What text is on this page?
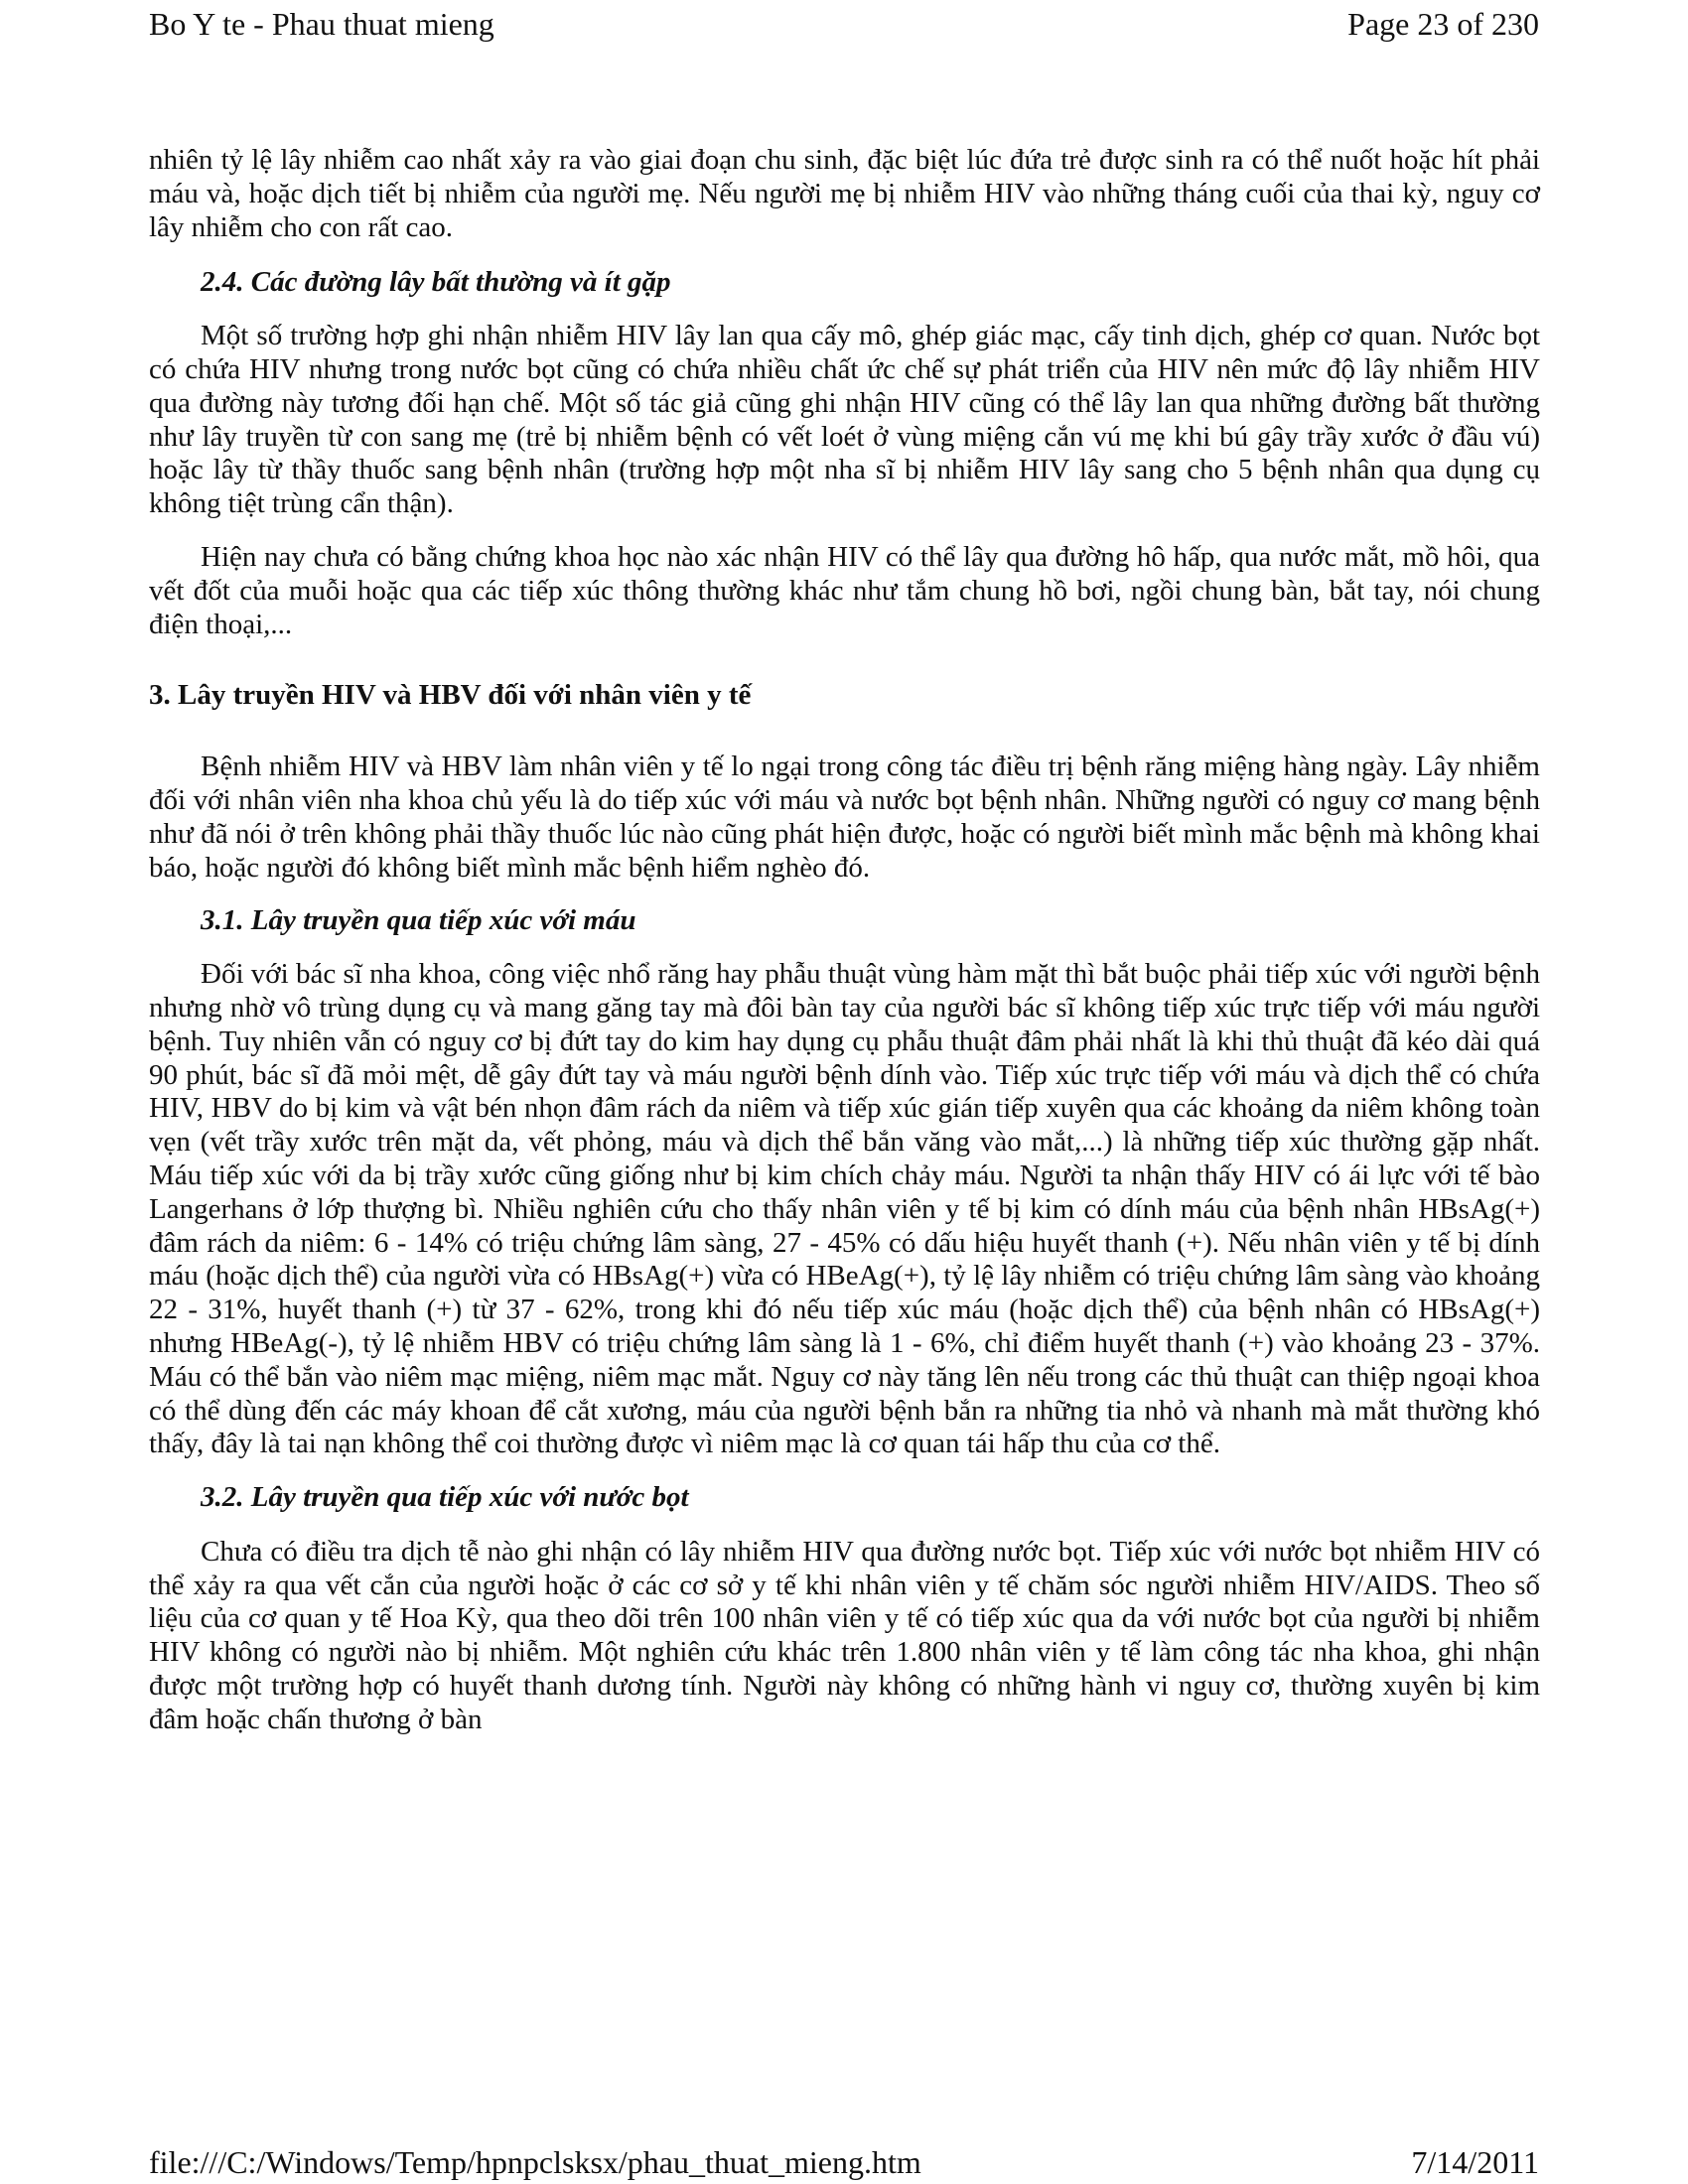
Bo Y te - Phau thuat mieng	Page 23 of 230

nhiên tỷ lệ lây nhiễm cao nhất xảy ra vào giai đoạn chu sinh, đặc biệt lúc đứa trẻ được sinh ra có thể nuốt hoặc hít phải máu và, hoặc dịch tiết bị nhiễm của người mẹ. Nếu người mẹ bị nhiễm HIV vào những tháng cuối của thai kỳ, nguy cơ lây nhiễm cho con rất cao.

2.4. Các đường lây bất thường và ít gặp

Một số trường hợp ghi nhận nhiễm HIV lây lan qua cấy mô, ghép giác mạc, cấy tinh dịch, ghép cơ quan. Nước bọt có chứa HIV nhưng trong nước bọt cũng có chứa nhiều chất ức chế sự phát triển của HIV nên mức độ lây nhiễm HIV qua đường này tương đối hạn chế. Một số tác giả cũng ghi nhận HIV cũng có thể lây lan qua những đường bất thường như lây truyền từ con sang mẹ (trẻ bị nhiễm bệnh có vết loét ở vùng miệng cắn vú mẹ khi bú gây trầy xước ở đầu vú) hoặc lây từ thầy thuốc sang bệnh nhân (trường hợp một nha sĩ bị nhiễm HIV lây sang cho 5 bệnh nhân qua dụng cụ không tiệt trùng cẩn thận).

Hiện nay chưa có bằng chứng khoa học nào xác nhận HIV có thể lây qua đường hô hấp, qua nước mắt, mồ hôi, qua vết đốt của muỗi hoặc qua các tiếp xúc thông thường khác như tắm chung hồ bơi, ngồi chung bàn, bắt tay, nói chung điện thoại,...

3. Lây truyền HIV và HBV đối với nhân viên y tế

Bệnh nhiễm HIV và HBV làm nhân viên y tế lo ngại trong công tác điều trị bệnh răng miệng hàng ngày. Lây nhiễm đối với nhân viên nha khoa chủ yếu là do tiếp xúc với máu và nước bọt bệnh nhân. Những người có nguy cơ mang bệnh như đã nói ở trên không phải thầy thuốc lúc nào cũng phát hiện được, hoặc có người biết mình mắc bệnh mà không khai báo, hoặc người đó không biết mình mắc bệnh hiểm nghèo đó.

3.1. Lây truyền qua tiếp xúc với máu

Đối với bác sĩ nha khoa, công việc nhổ răng hay phẫu thuật vùng hàm mặt thì bắt buộc phải tiếp xúc với người bệnh nhưng nhờ vô trùng dụng cụ và mang găng tay mà đôi bàn tay của người bác sĩ không tiếp xúc trực tiếp với máu người bệnh. Tuy nhiên vẫn có nguy cơ bị đứt tay do kim hay dụng cụ phẫu thuật đâm phải nhất là khi thủ thuật đã kéo dài quá 90 phút, bác sĩ đã mỏi mệt, dễ gây đứt tay và máu người bệnh dính vào. Tiếp xúc trực tiếp với máu và dịch thể có chứa HIV, HBV do bị kim và vật bén nhọn đâm rách da niêm và tiếp xúc gián tiếp xuyên qua các khoảng da niêm không toàn vẹn (vết trầy xước trên mặt da, vết phỏng, máu và dịch thể bắn văng vào mắt,...) là những tiếp xúc thường gặp nhất. Máu tiếp xúc với da bị trầy xước cũng giống như bị kim chích chảy máu. Người ta nhận thấy HIV có ái lực với tế bào Langerhans ở lớp thượng bì. Nhiều nghiên cứu cho thấy nhân viên y tế bị kim có dính máu của bệnh nhân HBsAg(+) đâm rách da niêm: 6 - 14% có triệu chứng lâm sàng, 27 - 45% có dấu hiệu huyết thanh (+). Nếu nhân viên y tế bị dính máu (hoặc dịch thể) của người vừa có HBsAg(+) vừa có HBeAg(+), tỷ lệ lây nhiễm có triệu chứng lâm sàng vào khoảng 22 - 31%, huyết thanh (+) từ 37 - 62%, trong khi đó nếu tiếp xúc máu (hoặc dịch thể) của bệnh nhân có HBsAg(+) nhưng HBeAg(-), tỷ lệ nhiễm HBV có triệu chứng lâm sàng là 1 - 6%, chỉ điểm huyết thanh (+) vào khoảng 23 - 37%. Máu có thể bắn vào niêm mạc miệng, niêm mạc mắt. Nguy cơ này tăng lên nếu trong các thủ thuật can thiệp ngoại khoa có thể dùng đến các máy khoan để cắt xương, máu của người bệnh bắn ra những tia nhỏ và nhanh mà mắt thường khó thấy, đây là tai nạn không thể coi thường được vì niêm mạc là cơ quan tái hấp thu của cơ thể.

3.2. Lây truyền qua tiếp xúc với nước bọt

Chưa có điều tra dịch tễ nào ghi nhận có lây nhiễm HIV qua đường nước bọt. Tiếp xúc với nước bọt nhiễm HIV có thể xảy ra qua vết cắn của người hoặc ở các cơ sở y tế khi nhân viên y tế chăm sóc người nhiễm HIV/AIDS. Theo số liệu của cơ quan y tế Hoa Kỳ, qua theo dõi trên 100 nhân viên y tế có tiếp xúc qua da với nước bọt của người bị nhiễm HIV không có người nào bị nhiễm. Một nghiên cứu khác trên 1.800 nhân viên y tế làm công tác nha khoa, ghi nhận được một trường hợp có huyết thanh dương tính. Người này không có những hành vi nguy cơ, thường xuyên bị kim đâm hoặc chấn thương ở bàn

file:///C:/Windows/Temp/hpnpclsksx/phau_thuat_mieng.htm	7/14/2011
